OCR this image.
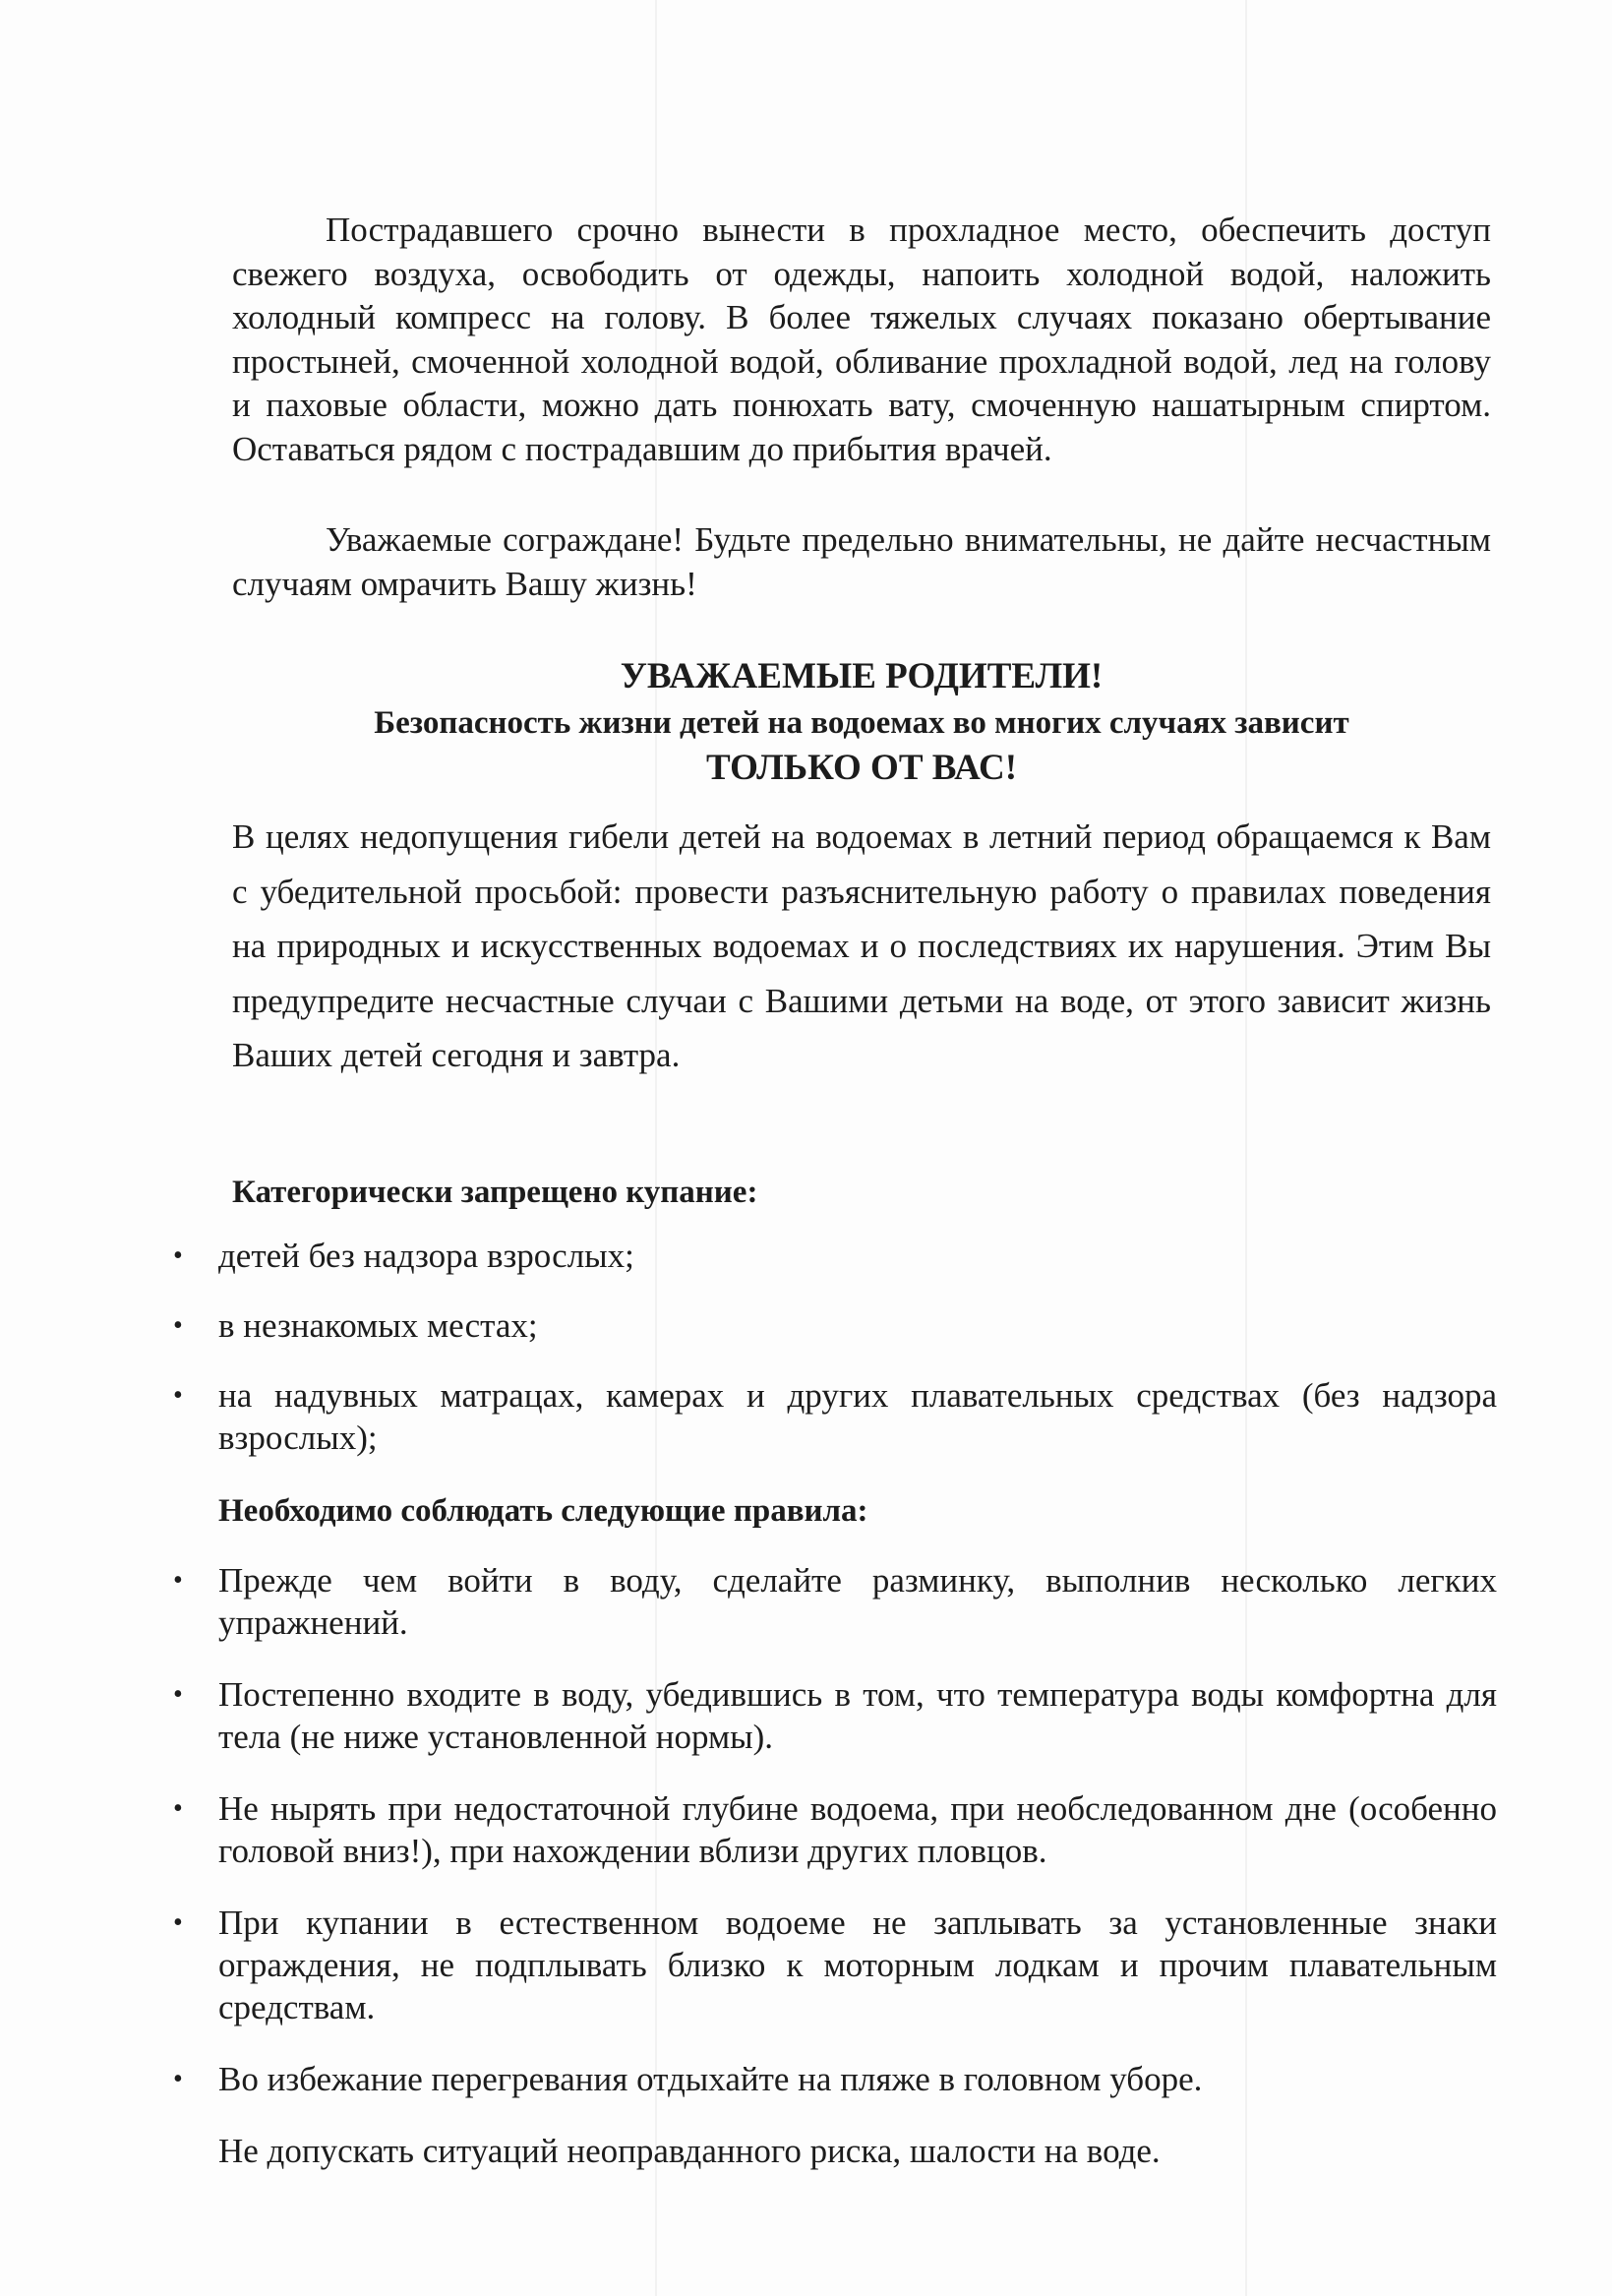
Пострадавшего срочно вынести в прохладное место, обеспечить доступ свежего воздуха, освободить от одежды, напоить холодной водой, наложить холодный компресс на голову. В более тяжелых случаях показано обертывание простыней, смоченной холодной водой, обливание прохладной водой, лед на голову и паховые области, можно дать понюхать вату, смоченную нашатырным спиртом. Оставаться рядом с пострадавшим до прибытия врачей.

Уважаемые сограждане! Будьте предельно внимательны, не дайте несчастным случаям омрачить Вашу жизнь!

УВАЖАЕМЫЕ РОДИТЕЛИ!
Безопасность жизни детей на водоемах во многих случаях зависит
ТОЛЬКО ОТ ВАС!

В целях недопущения гибели детей на водоемах в летний период обращаемся к Вам с убедительной просьбой: провести разъяснительную работу о правилах поведения на природных и искусственных водоемах и о последствиях их нарушения. Этим Вы предупредите несчастные случаи с Вашими детьми на воде, от этого зависит жизнь Ваших детей сегодня и завтра.

Категорически запрещено купание:

• детей без надзора взрослых;
• в незнакомых местах;
• на надувных матрацах, камерах и других плавательных средствах (без надзора взрослых);

Необходимо соблюдать следующие правила:

• Прежде чем войти в воду, сделайте разминку, выполнив несколько легких упражнений.
• Постепенно входите в воду, убедившись в том, что температура воды комфортна для тела (не ниже установленной нормы).
• Не нырять при недостаточной глубине водоема, при необследованном дне (особенно головой вниз!), при нахождении вблизи других пловцов.
• При купании в естественном водоеме не заплывать за установленные знаки ограждения, не подплывать близко к моторным лодкам и прочим плавательным средствам.
• Во избежание перегревания отдыхайте на пляже в головном уборе.

Не допускать ситуаций неоправданного риска, шалости на воде.
